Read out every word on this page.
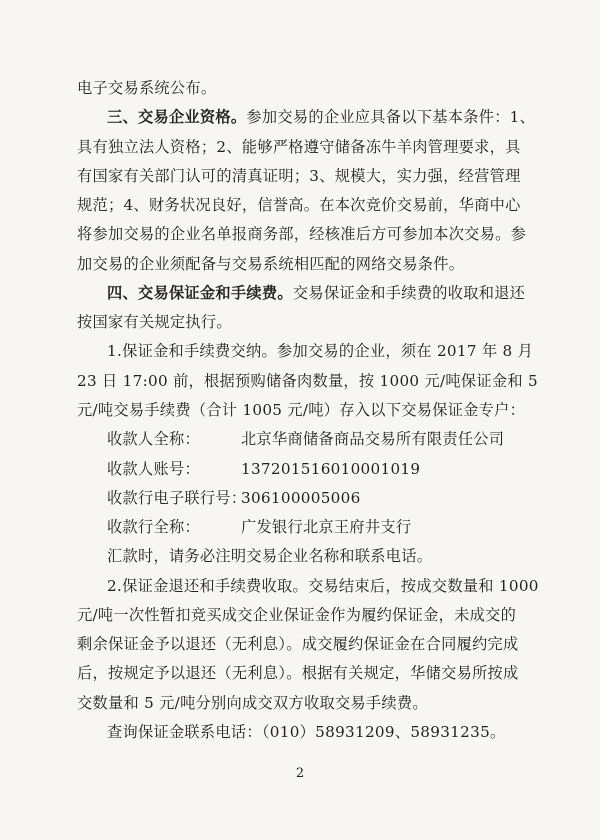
电子交易系统公布。
三、交易企业资格。参加交易的企业应具备以下基本条件：1、
具有独立法人资格；2、能够严格遵守储备冻牛羊肉管理要求，具
有国家有关部门认可的清真证明；3、规模大，实力强，经营管理
规范；4、财务状况良好，信誉高。在本次竞价交易前，华商中心
将参加交易的企业名单报商务部，经核准后方可参加本次交易。参
加交易的企业须配备与交易系统相匹配的网络交易条件。
四、交易保证金和手续费。交易保证金和手续费的收取和退还
按国家有关规定执行。
1.保证金和手续费交纳。参加交易的企业，须在 2017 年 8 月
23 日 17:00 前，根据预购储备肉数量，按 1000 元/吨保证金和 5
元/吨交易手续费（合计 1005 元/吨）存入以下交易保证金专户：
收款人全称：	北京华商储备商品交易所有限责任公司
收款人账号：	137201516010001019
收款行电子联行号：306100005006
收款行全称：	广发银行北京王府井支行
汇款时，请务必注明交易企业名称和联系电话。
2.保证金退还和手续费收取。交易结束后，按成交数量和 1000
元/吨一次性暂扣竞买成交企业保证金作为履约保证金，未成交的
剩余保证金予以退还（无利息）。成交履约保证金在合同履约完成
后，按规定予以退还（无利息）。根据有关规定，华储交易所按成
交数量和 5 元/吨分别向成交双方收取交易手续费。
查询保证金联系电话：（010）58931209、58931235。
2
